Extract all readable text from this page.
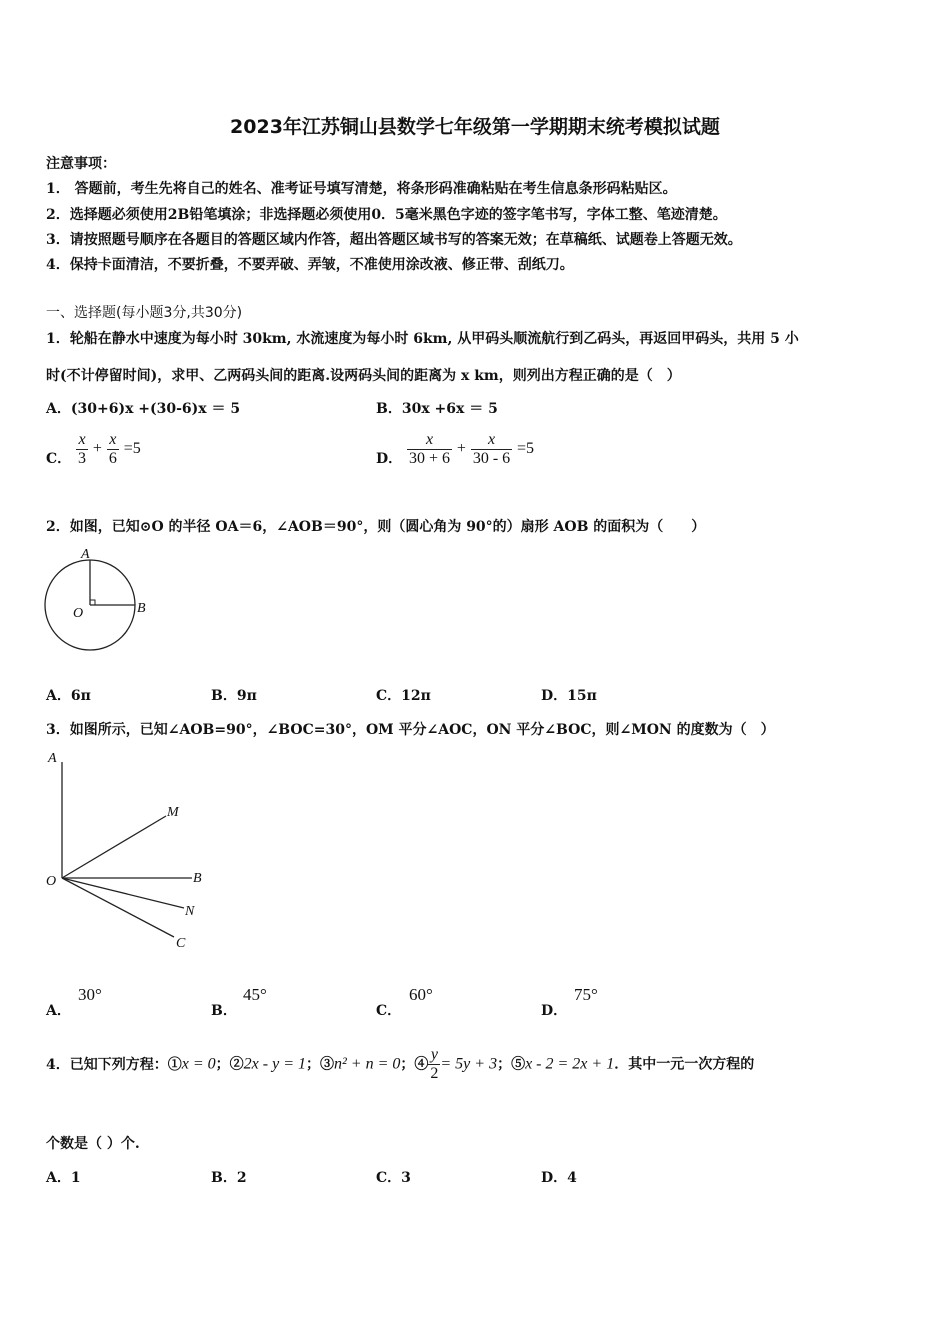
2023年江苏铜山县数学七年级第一学期期末统考模拟试题
注意事项：
1． 答题前，考生先将自己的姓名、准考证号填写清楚，将条形码准确粘贴在考生信息条形码粘贴区。
2．选择题必须使用2B铅笔填涂；非选择题必须使用0．5毫米黑色字迹的签字笔书写，字体工整、笔迹清楚。
3．请按照题号顺序在各题目的答题区域内作答，超出答题区域书写的答案无效；在草稿纸、试题卷上答题无效。
4．保持卡面清洁，不要折叠，不要弄破、弄皱，不准使用涂改液、修正带、刮纸刀。
一、选择题(每小题3分,共30分)
1．轮船在静水中速度为每小时 30km, 水流速度为每小时 6km, 从甲码头顺流航行到乙码头，再返回甲码头，共用 5 小
时(不计停留时间)，求甲、乙两码头间的距离.设两码头间的距离为 x km，则列出方程正确的是（　）
A．(30+6)x +(30-6)x ＝ 5	B．30x +6x ＝ 5
C． $\frac{x}{3} + \frac{x}{6} =5$
D． $\frac{x}{30 + 6} + \frac{x}{30 - 6} =5$
2．如图，已知⊙O 的半径 OA＝6，∠AOB＝90°，则（圆心角为 90°的）扇形 AOB 的面积为（　　）
A
O	B
A．6π	B．9π	C．12π	D．15π
3．如图所示，已知∠AOB=90°，∠BOC=30°，OM 平分∠AOC，ON 平分∠BOC，则∠MON 的度数为（　）
A
M
O	B
N
C
A．
30°
B．
45°
C．
60°
D．
75°
4．已知下列方程：①x = 0；②2x - y = 1；③n² + n = 0；④ $\frac{y}{2} = 5y + 3$；⑤x - 2 = 2x + 1．其中一元一次方程的
个数是（ ）个.
A．1	B．2	C．3	D．4
